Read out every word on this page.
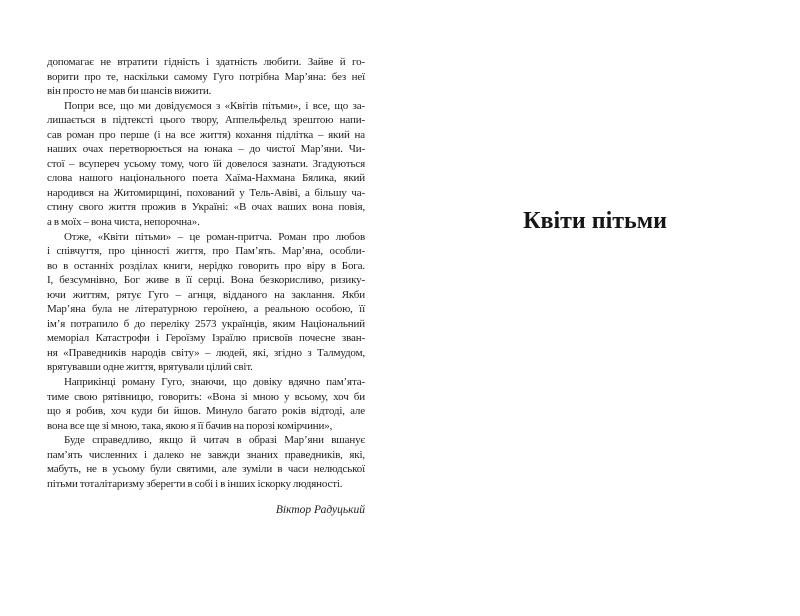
допомагає не втратити гідність і здатність любити. Зайве й го-
ворити про те, наскільки самому Гуго потрібна Мар’яна: без неї
він просто не мав би шансів вижити.
Попри все, що ми довідуємося з «Квітів пітьми», і все, що за-
лишається в підтексті цього твору, Аппельфельд зрештою напи-
сав роман про перше (і на все життя) кохання підлітка – який на
наших очах перетворюється на юнака – до чистої Мар’яни. Чи-
стої – всупереч усьому тому, чого їй довелося зазнати. Згадуються
слова нашого національного поета Хаїма-Нахмана Бялика, який
народився на Житомирщині, похований у Тель-Авіві, а більшу ча-
стину свого життя прожив в Україні: «В очах ваших вона повія,
а в моїх – вона чиста, непорочна».
Отже, «Квіти пітьми» – це роман-притча. Роман про любов
і співчуття, про цінності життя, про Пам’ять. Мар’яна, особли-
во в останніх розділах книги, нерідко говорить про віру в Бога.
І, безсумнівно, Бог живе в її серці. Вона безкорисливо, ризику-
ючи життям, рятує Гуго – агнця, відданого на заклання. Якби
Мар’яна була не літературною героїнею, а реальною особою, її
ім’я потрапило б до переліку 2573 українців, яким Національний
меморіал Катастрофи і Героїзму Ізраїлю присвоїв почесне зван-
ня «Праведників народів світу» – людей, які, згідно з Талмудом,
врятувавши одне життя, врятували цілий світ.
Наприкінці роману Гуго, знаючи, що довіку вдячно пам’ята-
тиме свою рятівницю, говорить: «Вона зі мною у всьому, хоч би
що я робив, хоч куди би йшов. Минуло багато років відтоді, але
вона все ще зі мною, така, якою я її бачив на порозі комірчини»,
Буде справедливо, якщо й читач в образі Мар’яни вшанує
пам’ять численних і далеко не завжди знаних праведників, які,
мабуть, не в усьому були святими, але зуміли в часи нелюдської
пітьми тоталітаризму зберегти в собі і в інших іскорку людяності.
Віктор Радуцький
Квіти пітьми
